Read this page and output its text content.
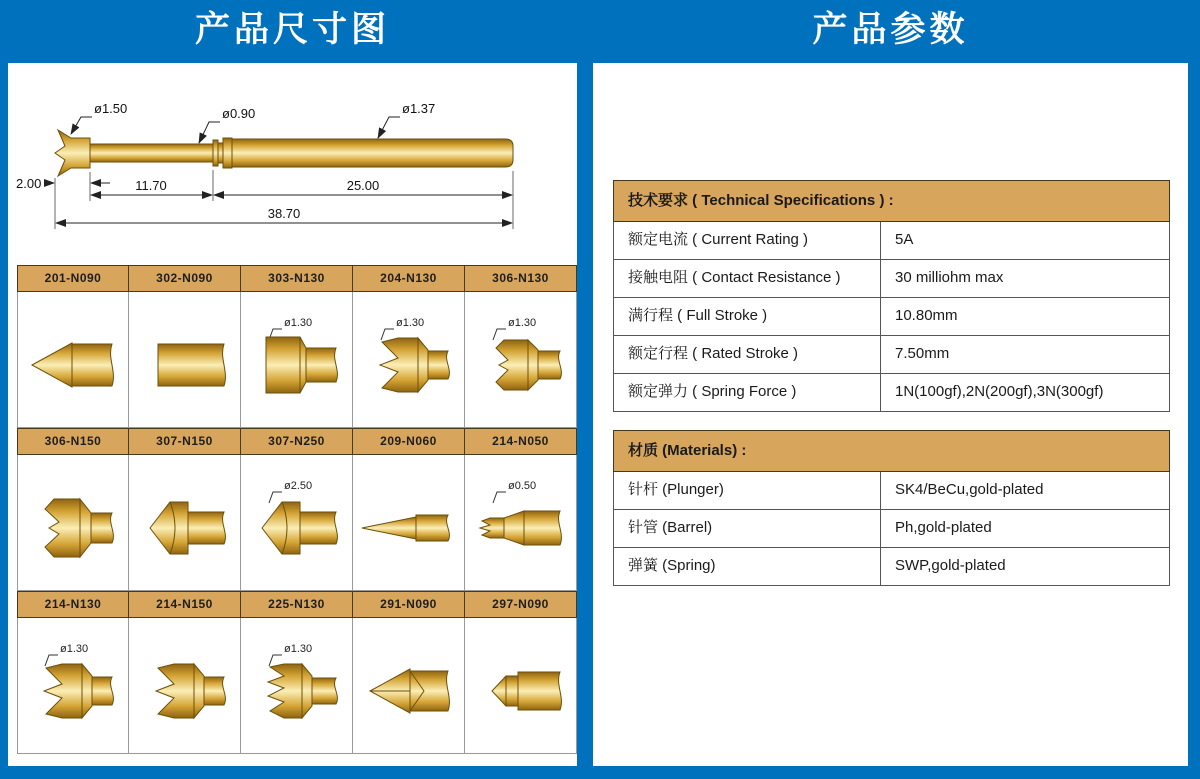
产品尺寸图	产品参数
ø1.50	ø0.90	ø1.37
2.00	11.70	25.00
38.70
201-N090	302-N090	303-N130	204-N130	306-N130
ø1.30	ø1.30	ø1.30
306-N150	307-N150	307-N250	209-N060	214-N050
ø2.50	ø0.50
214-N130	214-N150	225-N130	291-N090	297-N090
ø1.30	ø1.30
技术要求 ( Technical Specifications ) :
额定电流 ( Current Rating )	5A
接触电阻 ( Contact Resistance )	30 milliohm max
满行程 ( Full Stroke )	10.80mm
额定行程 ( Rated Stroke )	7.50mm
额定弹力 ( Spring Force )	1N(100gf),2N(200gf),3N(300gf)
材质 (Materials) :
针杆 (Plunger)	SK4/BeCu,gold-plated
针管 (Barrel)	Ph,gold-plated
弹簧 (Spring)	SWP,gold-plated
